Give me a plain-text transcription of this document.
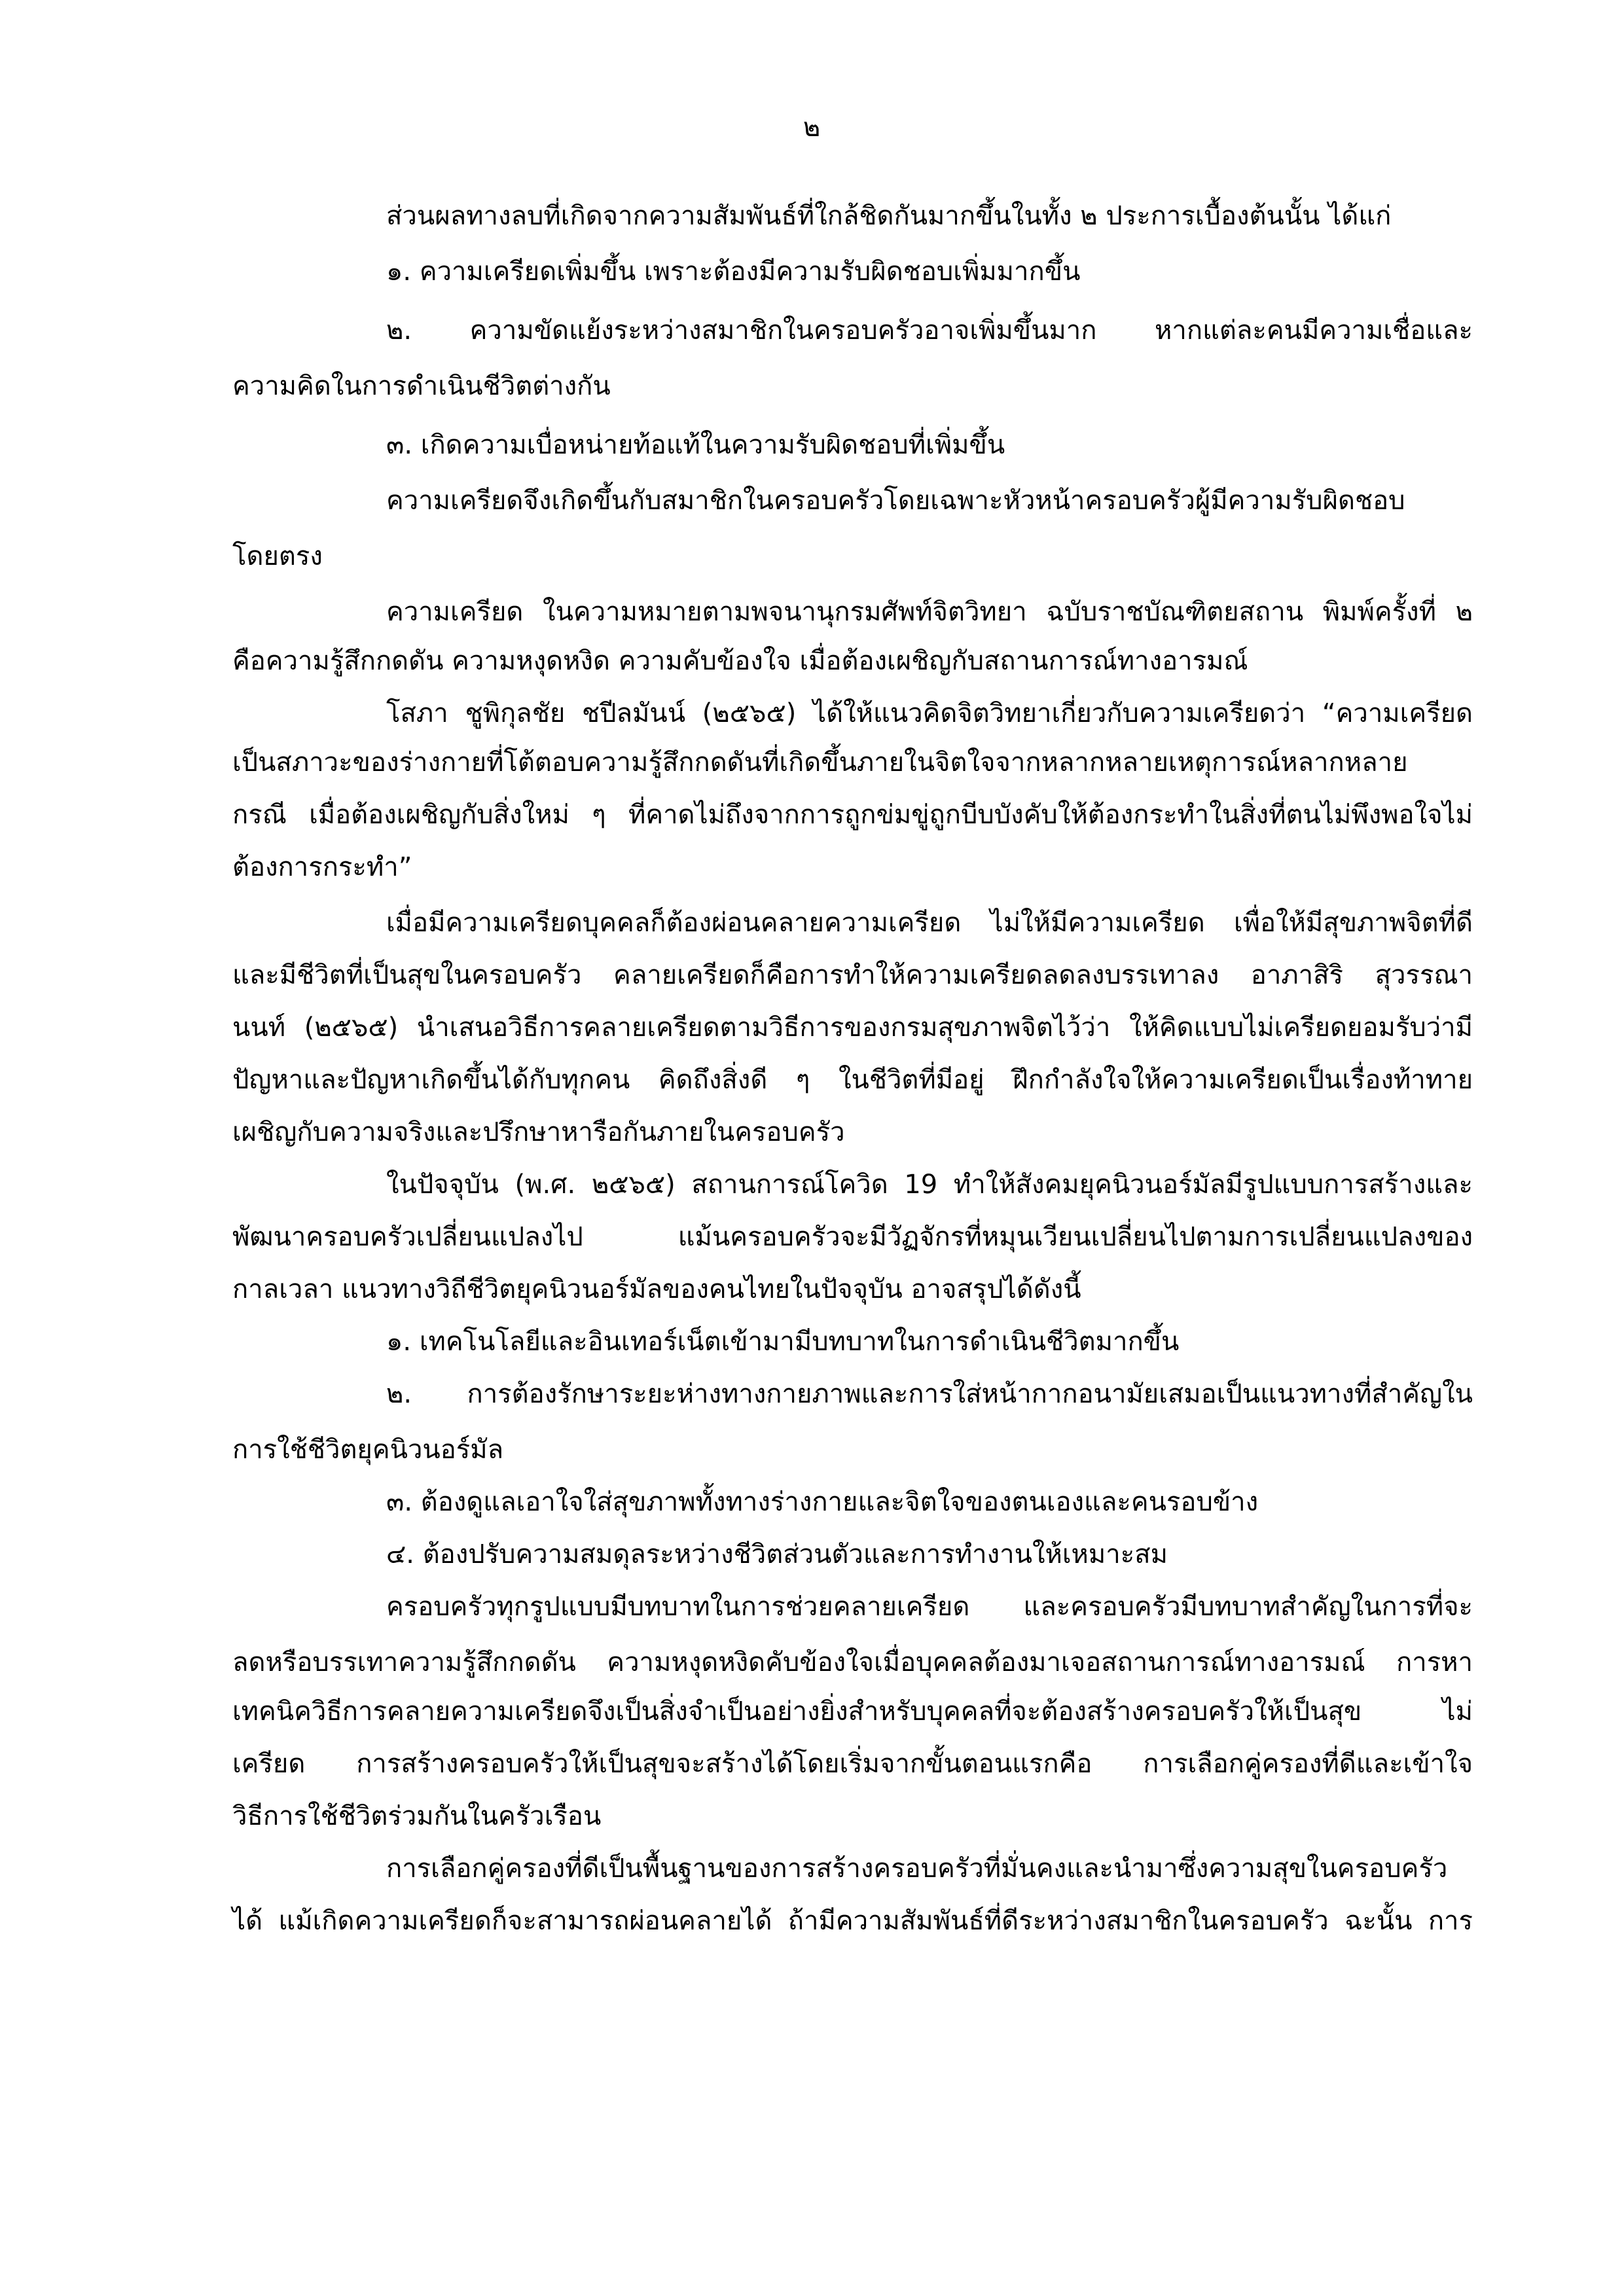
๒
ส่วนผลทางลบที่เกิดจากความสัมพันธ์ที่ใกล้ชิดกันมากขึ้นในทั้ง ๒ ประการเบื้องต้นนั้น ได้แก่
๑. ความเครียดเพิ่มขึ้น เพราะต้องมีความรับผิดชอบเพิ่มมากขึ้น
๒. ความขัดแย้งระหว่างสมาชิกในครอบครัวอาจเพิ่มขึ้นมาก หากแต่ละคนมีความเชื่อและ
ความคิดในการดำเนินชีวิตต่างกัน
๓. เกิดความเบื่อหน่ายท้อแท้ในความรับผิดชอบที่เพิ่มขึ้น
ความเครียดจึงเกิดขึ้นกับสมาชิกในครอบครัวโดยเฉพาะหัวหน้าครอบครัวผู้มีความรับผิดชอบ
โดยตรง
ความเครียด ในความหมายตามพจนานุกรมศัพท์จิตวิทยา ฉบับราชบัณฑิตยสถาน พิมพ์ครั้งที่ ๒
คือความรู้สึกกดดัน ความหงุดหงิด ความคับข้องใจ เมื่อต้องเผชิญกับสถานการณ์ทางอารมณ์
โสภา ชูพิกุลชัย ชปีลมันน์ (๒๕๖๕) ได้ให้แนวคิดจิตวิทยาเกี่ยวกับความเครียดว่า “ความเครียด
เป็นสภาวะของร่างกายที่โต้ตอบความรู้สึกกดดันที่เกิดขึ้นภายในจิตใจจากหลากหลายเหตุการณ์หลากหลาย
กรณี เมื่อต้องเผชิญกับสิ่งใหม่ ๆ ที่คาดไม่ถึงจากการถูกข่มขู่ถูกบีบบังคับให้ต้องกระทำในสิ่งที่ตนไม่พึงพอใจไม่
ต้องการกระทำ”
เมื่อมีความเครียดบุคคลก็ต้องผ่อนคลายความเครียด ไม่ให้มีความเครียด เพื่อให้มีสุขภาพจิตที่ดี
และมีชีวิตที่เป็นสุขในครอบครัว คลายเครียดก็คือการทำให้ความเครียดลดลงบรรเทาลง อาภาสิริ สุวรรณา
นนท์ (๒๕๖๕) นำเสนอวิธีการคลายเครียดตามวิธีการของกรมสุขภาพจิตไว้ว่า ให้คิดแบบไม่เครียดยอมรับว่ามี
ปัญหาและปัญหาเกิดขึ้นได้กับทุกคน คิดถึงสิ่งดี ๆ ในชีวิตที่มีอยู่ ฝึกกำลังใจให้ความเครียดเป็นเรื่องท้าทาย
เผชิญกับความจริงและปรึกษาหารือกันภายในครอบครัว
ในปัจจุบัน (พ.ศ. ๒๕๖๕) สถานการณ์โควิด 19 ทำให้สังคมยุคนิวนอร์มัลมีรูปแบบการสร้างและ
พัฒนาครอบครัวเปลี่ยนแปลงไป แม้นครอบครัวจะมีวัฏจักรที่หมุนเวียนเปลี่ยนไปตามการเปลี่ยนแปลงของ
กาลเวลา แนวทางวิถีชีวิตยุคนิวนอร์มัลของคนไทยในปัจจุบัน อาจสรุปได้ดังนี้
๑. เทคโนโลยีและอินเทอร์เน็ตเข้ามามีบทบาทในการดำเนินชีวิตมากขึ้น
๒. การต้องรักษาระยะห่างทางกายภาพและการใส่หน้ากากอนามัยเสมอเป็นแนวทางที่สำคัญใน
การใช้ชีวิตยุคนิวนอร์มัล
๓. ต้องดูแลเอาใจใส่สุขภาพทั้งทางร่างกายและจิตใจของตนเองและคนรอบข้าง
๔. ต้องปรับความสมดุลระหว่างชีวิตส่วนตัวและการทำงานให้เหมาะสม
ครอบครัวทุกรูปแบบมีบทบาทในการช่วยคลายเครียด และครอบครัวมีบทบาทสำคัญในการที่จะ
ลดหรือบรรเทาความรู้สึกกดดัน ความหงุดหงิดคับข้องใจเมื่อบุคคลต้องมาเจอสถานการณ์ทางอารมณ์ การหา
เทคนิควิธีการคลายความเครียดจึงเป็นสิ่งจำเป็นอย่างยิ่งสำหรับบุคคลที่จะต้องสร้างครอบครัวให้เป็นสุข ไม่
เครียด การสร้างครอบครัวให้เป็นสุขจะสร้างได้โดยเริ่มจากขั้นตอนแรกคือ การเลือกคู่ครองที่ดีและเข้าใจ
วิธีการใช้ชีวิตร่วมกันในครัวเรือน
การเลือกคู่ครองที่ดีเป็นพื้นฐานของการสร้างครอบครัวที่มั่นคงและนำมาซึ่งความสุขในครอบครัว
ได้ แม้เกิดความเครียดก็จะสามารถผ่อนคลายได้ ถ้ามีความสัมพันธ์ที่ดีระหว่างสมาชิกในครอบครัว ฉะนั้น การ
